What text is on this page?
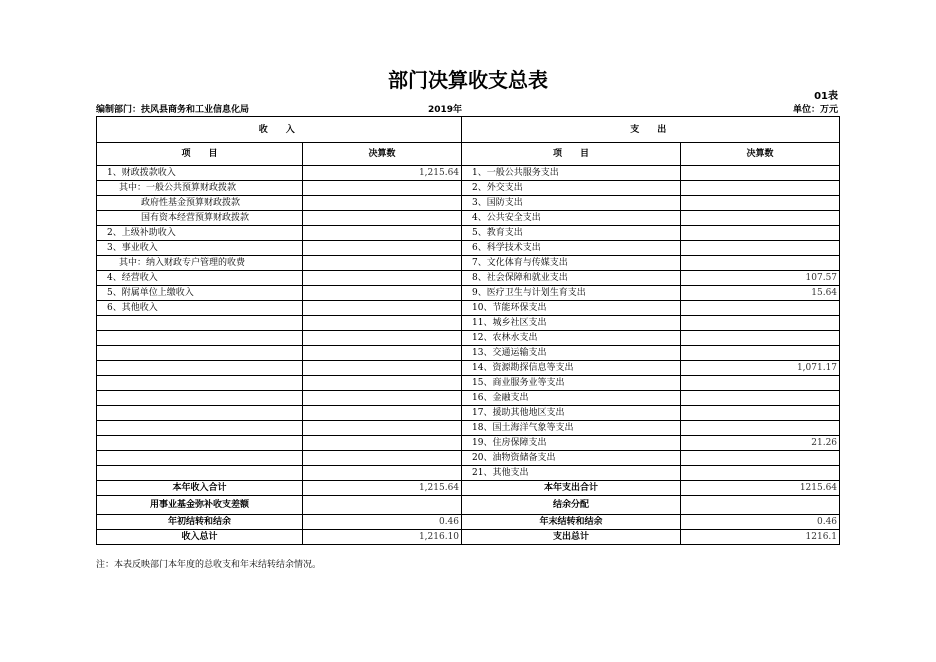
部门决算收支总表
01表
编制部门：扶风县商务和工业信息化局	2019年	单位：万元
收　入		支　出	
项　　目	决算数	项　　目	决算数
1、财政拨款收入	1,215.64	1、一般公共服务支出	
其中：一般公共预算财政拨款		2、外交支出	
政府性基金预算财政拨款		3、国防支出	
国有资本经营预算财政拨款		4、公共安全支出	
2、上级补助收入		5、教育支出	
3、事业收入		6、科学技术支出	
其中：纳入财政专户管理的收费		7、文化体育与传媒支出	
4、经营收入		8、社会保障和就业支出	107.57
5、附属单位上缴收入		9、医疗卫生与计划生育支出	15.64
6、其他收入		10、节能环保支出	
		11、城乡社区支出	
		12、农林水支出	
		13、交通运输支出	
		14、资源勘探信息等支出	1,071.17
		15、商业服务业等支出	
		16、金融支出	
		17、援助其他地区支出	
		18、国土海洋气象等支出	
		19、住房保障支出	21.26
		20、油物资储备支出	
		21、其他支出	
本年收入合计	1,215.64	本年支出合计	1215.64
用事业基金弥补收支差额		结余分配	
年初结转和结余	0.46	年末结转和结余	0.46
收入总计	1,216.10	支出总计	1216.1
注：本表反映部门本年度的总收支和年末结转结余情况。
